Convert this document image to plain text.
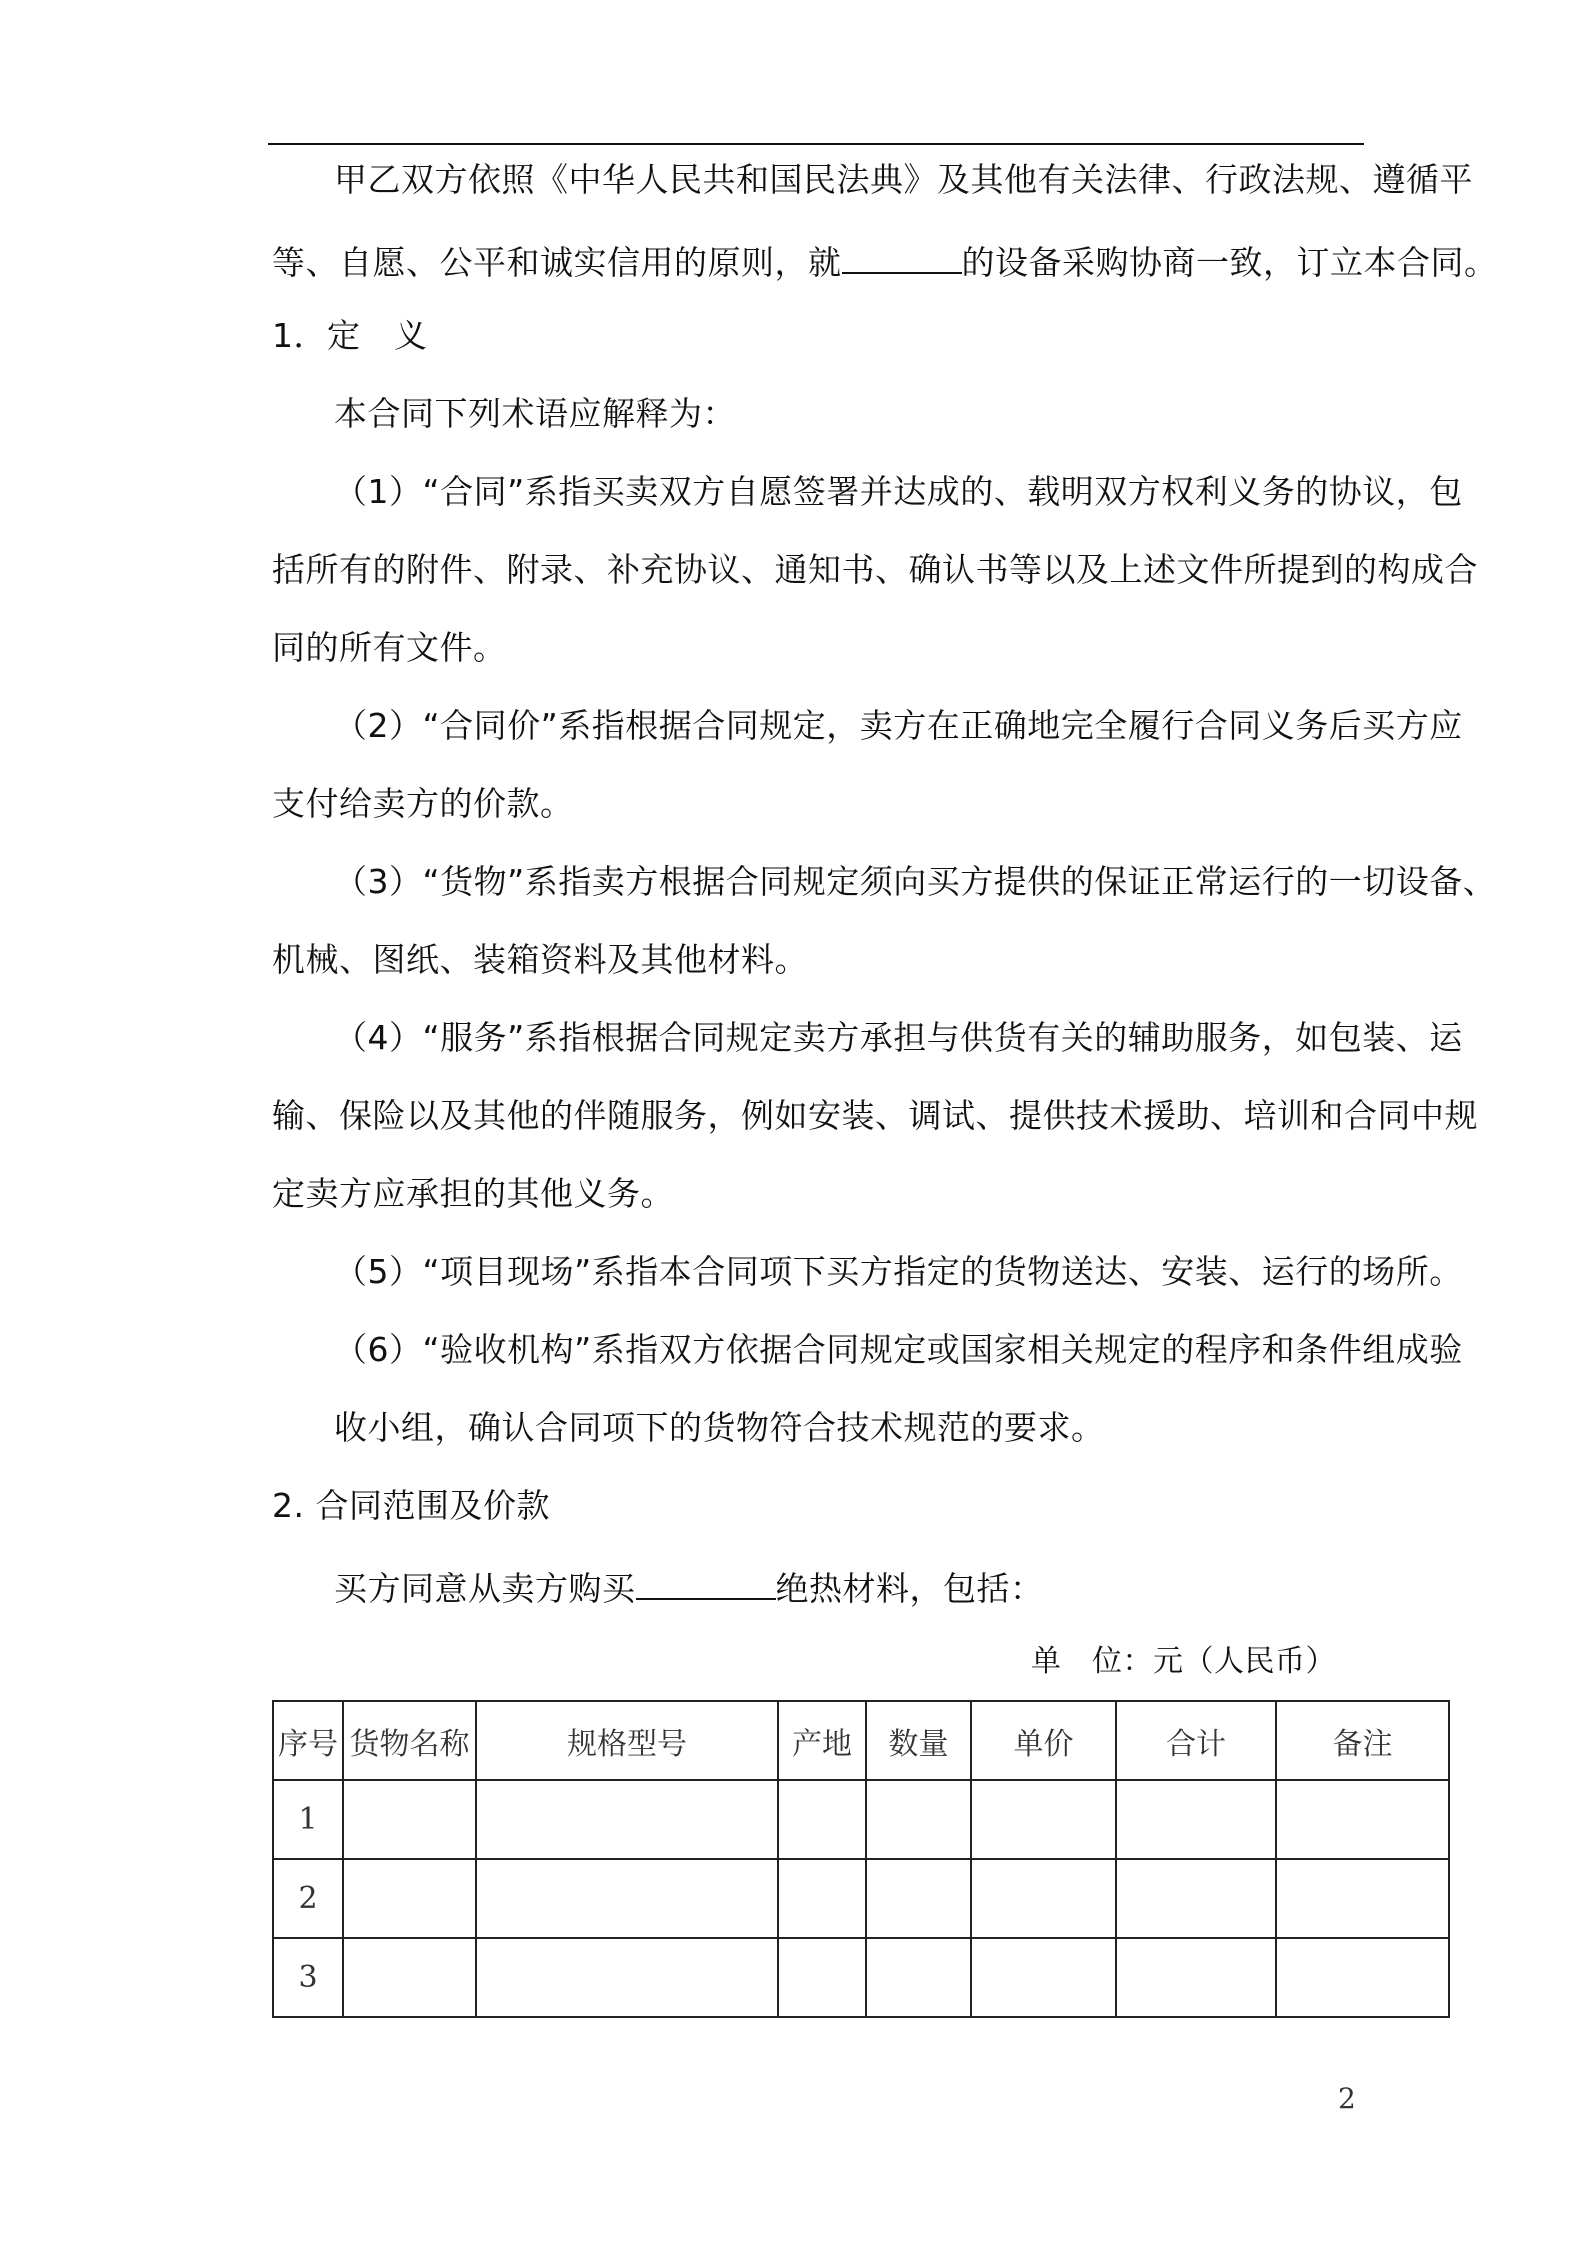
甲乙双方依照《中华人民共和国民法典》及其他有关法律、行政法规、遵循平
等、自愿、公平和诚实信用的原则，就	的设备采购协商一致，订立本合同。
1．定　义
本合同下列术语应解释为：
（1）“合同”系指买卖双方自愿签署并达成的、载明双方权利义务的协议，包
括所有的附件、附录、补充协议、通知书、确认书等以及上述文件所提到的构成合
同的所有文件。
（2）“合同价”系指根据合同规定，卖方在正确地完全履行合同义务后买方应
支付给卖方的价款。
（3）“货物”系指卖方根据合同规定须向买方提供的保证正常运行的一切设备、
机械、图纸、装箱资料及其他材料。
（4）“服务”系指根据合同规定卖方承担与供货有关的辅助服务，如包装、运
输、保险以及其他的伴随服务，例如安装、调试、提供技术援助、培训和合同中规
定卖方应承担的其他义务。
（5）“项目现场”系指本合同项下买方指定的货物送达、安装、运行的场所。
（6）“验收机构”系指双方依据合同规定或国家相关规定的程序和条件组成验
收小组，确认合同项下的货物符合技术规范的要求。
2. 合同范围及价款
买方同意从卖方购买	绝热材料，包括：
单　位：元（人民币）
序号	货物名称	规格型号	产地	数量	单价	合计	备注
1							
2							
3							
2
